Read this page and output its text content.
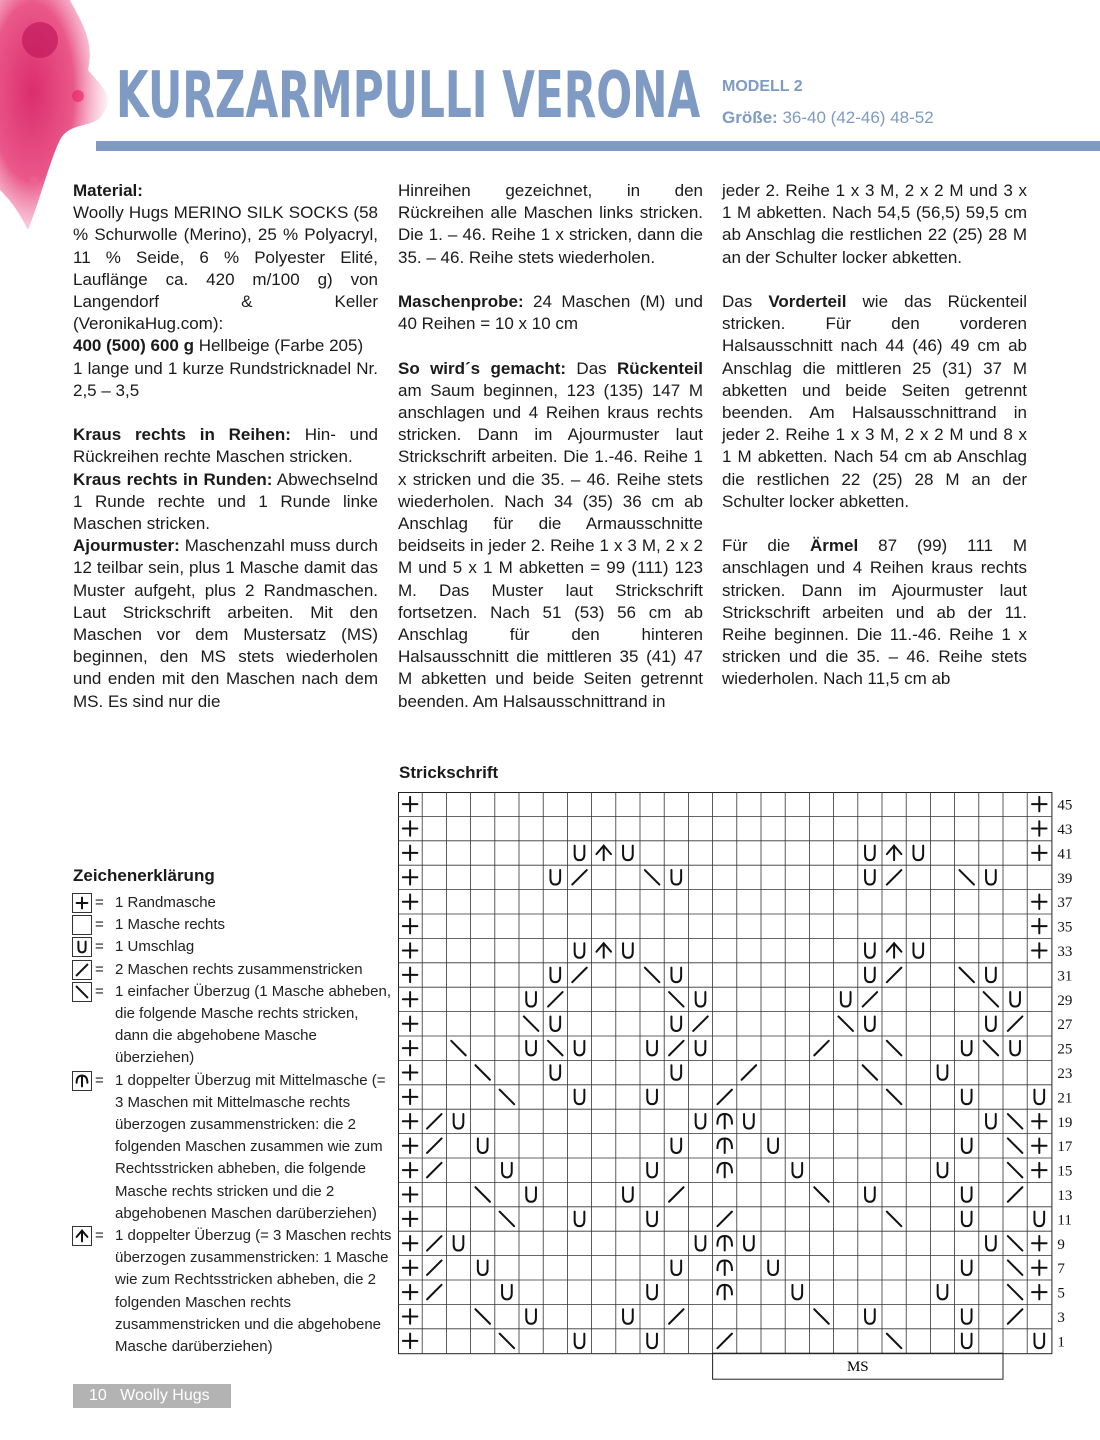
KURZARMPULLI VERONA MODELL 2
Größe: 36-40 (42-46) 48-52

Material:

Woolly Hugs MERINO SILK SOCKS (58 % Schurwolle (Merino), 25 % Polyacryl, 11 % Seide, 6 % Polyester Elité, Lauflänge ca. 420 m/100 g) von Langendorf & Keller (VeronikaHug.com):

400 (500) 600 g Hellbeige (Farbe 205)

1 lange und 1 kurze Rundstricknadel Nr. 2,5 – 3,5

Kraus rechts in Reihen: Hin- und Rückreihen rechte Maschen stricken.

Kraus rechts in Runden: Abwechselnd 1 Runde rechte und 1 Runde linke Maschen stricken.

Ajourmuster: Maschenzahl muss durch 12 teilbar sein, plus 1 Masche damit das Muster aufgeht, plus 2 Randmaschen. Laut Strickschrift arbeiten. Mit den Maschen vor dem Mustersatz (MS) beginnen, den MS stets wiederholen und enden mit den Maschen nach dem MS. Es sind nur die

Hinreihen gezeichnet, in den Rückreihen alle Maschen links stricken. Die 1. – 46. Reihe 1 x stricken, dann die 35. – 46. Reihe stets wiederholen.

Maschenprobe: 24 Maschen (M) und 40 Reihen = 10 x 10 cm

So wird´s gemacht: Das Rückenteil am Saum beginnen, 123 (135) 147 M anschlagen und 4 Reihen kraus rechts stricken. Dann im Ajourmuster laut Strickschrift arbeiten. Die 1.-46. Reihe 1 x stricken und die 35. – 46. Reihe stets wiederholen. Nach 34 (35) 36 cm ab Anschlag für die Armausschnitte beidseits in jeder 2. Reihe 1 x 3 M, 2 x 2 M und 5 x 1 M abketten = 99 (111) 123 M. Das Muster laut Strickschrift fortsetzen. Nach 51 (53) 56 cm ab Anschlag für den hinteren Halsausschnitt die mittleren 35 (41) 47 M abketten und beide Seiten getrennt beenden. Am Halsausschnittrand in

jeder 2. Reihe 1 x 3 M, 2 x 2 M und 3 x 1 M abketten. Nach 54,5 (56,5) 59,5 cm ab Anschlag die restlichen 22 (25) 28 M an der Schulter locker abketten.

Das Vorderteil wie das Rückenteil stricken. Für den vorderen Halsausschnitt nach 44 (46) 49 cm ab Anschlag die mittleren 25 (31) 37 M abketten und beide Seiten getrennt beenden. Am Halsausschnittrand in jeder 2. Reihe 1 x 3 M, 2 x 2 M und 8 x 1 M abketten. Nach 54 cm ab Anschlag die restlichen 22 (25) 28 M an der Schulter locker abketten.

Für die Ärmel 87 (99) 111 M anschlagen und 4 Reihen kraus rechts stricken. Dann im Ajourmuster laut Strickschrift arbeiten und ab der 11. Reihe beginnen. Die 11.-46. Reihe 1 x stricken und die 35. – 46. Reihe stets wiederholen. Nach 11,5 cm ab

Zeichenerklärung
= 1 Randmasche
= 1 Masche rechts
= 1 Umschlag
= 2 Maschen rechts zusammenstricken
= 1 einfacher Überzug (1 Masche abheben, die folgende Masche rechts stricken, dann die abgehobene Masche überziehen)
= 1 doppelter Überzug mit Mittelmasche (= 3 Maschen mit Mittelmasche rechts überzogen zusammenstricken: die 2 folgenden Maschen zusammen wie zum Rechtsstricken abheben, die folgende Masche rechts stricken und die 2 abgehobenen Maschen darüberziehen)
= 1 doppelter Überzug (= 3 Maschen rechts überzogen zusammenstricken: 1 Masche wie zum Rechtsstricken abheben, die 2 folgenden Maschen rechts zusammenstricken und die abgehobene Masche darüberziehen)
Strickschrift
45
43
41
39
37
35
33
31
29
27
25
23
21
19
17
15
13
11
9
7
5
3
1
MS
10 Woolly Hugs
